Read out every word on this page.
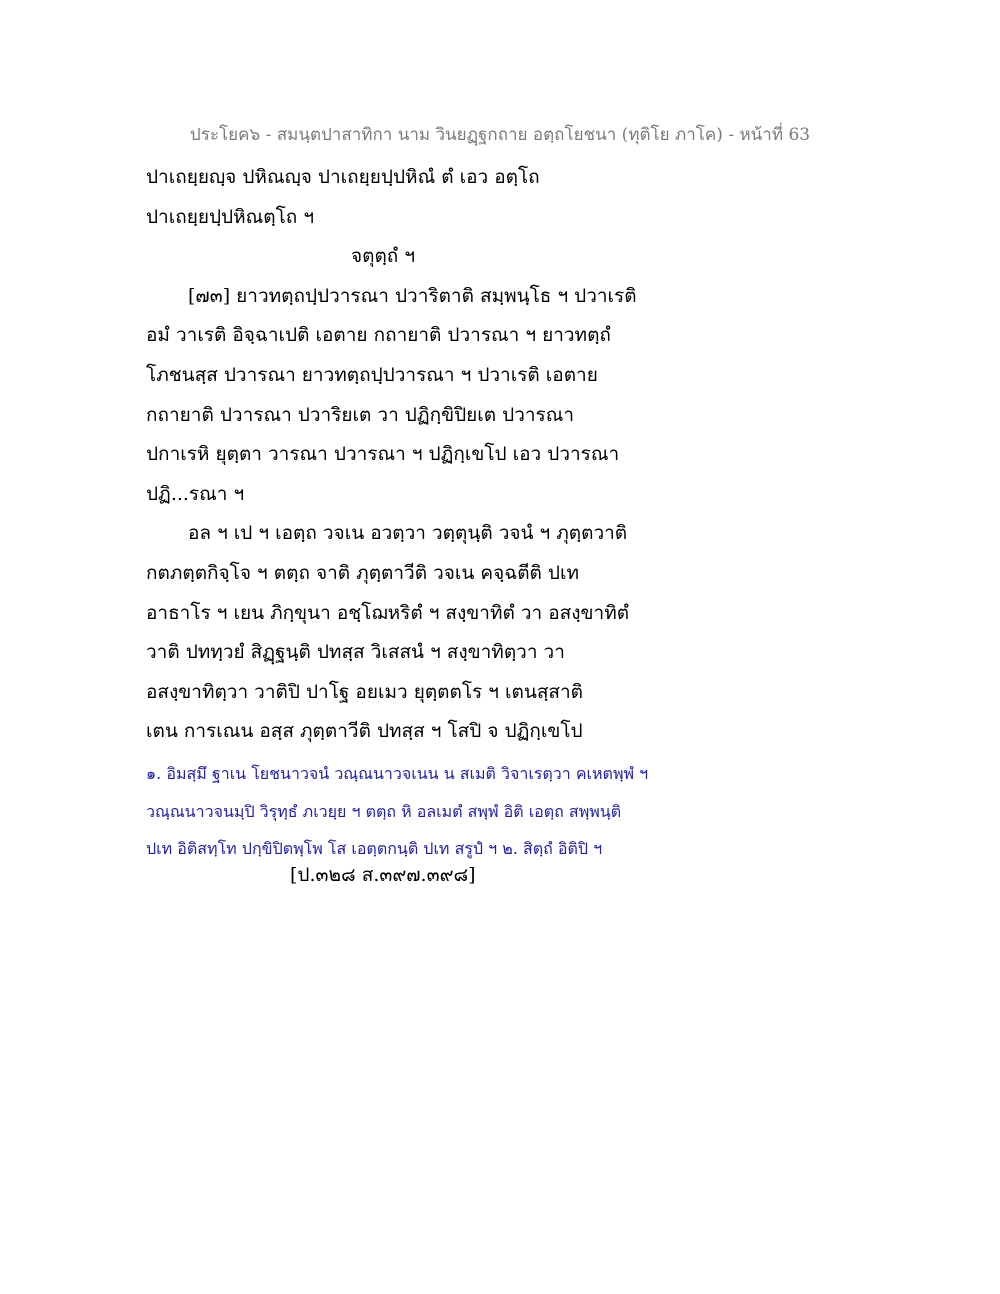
ประโยค๖ - สมนฺตปาสาทิกา นาม วินยฏฺฐกถาย อตฺถโยชนา (ทุติโย ภาโค) - หน้าที่ 63
ปาเถยฺยญฺจ ปหิณญฺจ ปาเถยฺยปฺปหิณํ ตํ เอว อตฺโถ
ปาเถยฺยปฺปหิณตฺโถ ฯ
จตุตฺถํ ฯ
[๗๓] ยาวทตฺถปฺปวารณา ปวาริตาติ สมฺพนฺโธ ฯ ปวาเรติ
อมํ วาเรติ อิจฺฉาเปติ เอตาย กถายาติ ปวารณา ฯ ยาวทตฺถํ
โภชนสฺส ปวารณา ยาวทตฺถปฺปวารณา ฯ ปวาเรติ เอตาย
กถายาติ ปวารณา ปวาริยเต วา ปฏิกฺขิปิยเต ปวารณา
ปกาเรหิ ยุตฺตา วารณา ปวารณา ฯ ปฏิกฺเขโป เอว ปวารณา
ปฏิ...รณา ฯ
อล ฯ เป ฯ เอตฺถ วจเน อวตฺวา วตฺตุนฺติ วจนํ ฯ ภุตฺตวาติ
กตภตฺตกิจฺโจ ฯ ตตฺถ จาติ ภุตฺตาวีติ วจเน คจฺฉตีติ ปเท
อาธาโร ฯ เยน ภิกฺขุนา อชฺโฌหริตํ ฯ สงฺขาทิตํ วา อสงฺขาทิตํ
วาติ ปททฺวยํ สิฏฺฐนฺติ ปทสฺส วิเสสนํ ฯ สงฺขาทิตฺวา วา
อสงฺขาทิตฺวา วาติปิ ปาโฐ อยเมว ยุตฺตตโร ฯ เตนสฺสาติ
เตน การเณน อสฺส ภุตฺตาวีติ ปทสฺส ฯ โสปิ จ ปฏิกฺเขโป
๑. อิมสฺมึ ฐาเน โยชนาวจนํ วณฺณนาวจเนน น สเมติ วิจาเรตฺวา คเหตพฺพํ ฯ
วณฺณนาวจนมฺปิ วิรุทฺธํ ภเวยฺย ฯ ตตฺถ หิ อลเมตํ สพฺพํ อิติ เอตฺถ สพฺพนฺติ
ปเท อิติสทฺโท ปกฺขิปิตพฺโพ โส เอตฺตกนฺติ ปเท สรูปํ ฯ ๒. สิตฺถํ อิติปิ ฯ
[ป.๓๒๘ ส.๓๙๗.๓๙๘]
